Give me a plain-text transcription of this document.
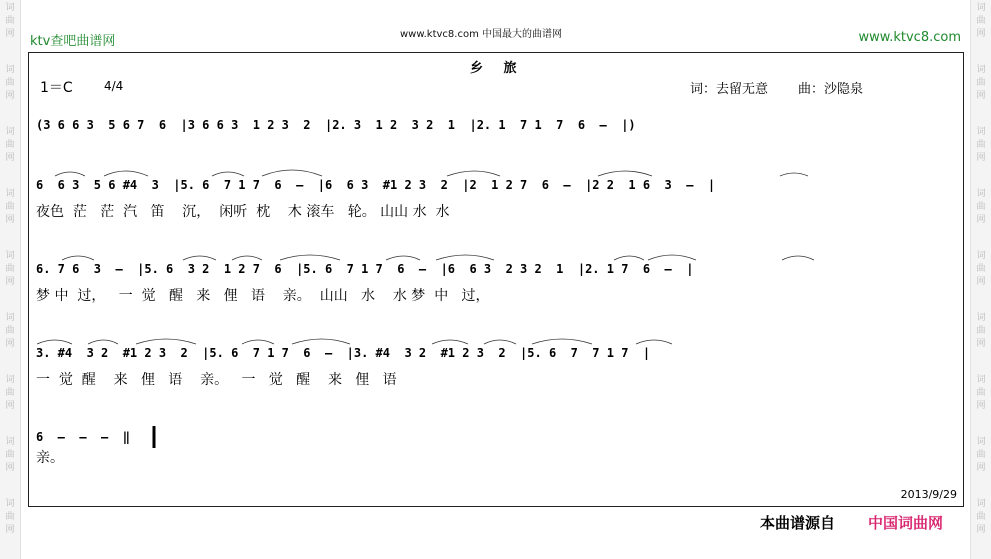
词
曲
网
词
曲
网
词
曲
网
词
曲
网
词
曲
网
词
曲
网
词
曲
网
词
曲
网
词
曲
网
词
曲
网
词
曲
网
词
曲
网
词
曲
网
词
曲
网
词
曲
网
词
曲
网
词
曲
网
词
曲
网
ktv查吧曲谱网	www.ktvc8.com 中国最大的曲谱网	www.ktvc8.com
乡 旅
1＝C	4/4	词：去留无意 曲：沙隐泉
(3 6 6 3  5 6 7  6  |3 6 6 3  1 2 3  2  |2. 3  1 2  3 2  1  |2. 1  7 1  7  6  —  |)
6  6 3  5 6 #4  3  |5. 6  7 1 7  6  —  |6  6 3  #1 2 3  2  |2  1 2 7  6  —  |2 2  1 6  3  —  |
夜色  茫   茫  汽   笛    沉，  闲听  枕    木 滚车   轮。 山山 水  水
6. 7 6  3  —  |5. 6  3 2  1 2 7  6  |5. 6  7 1 7  6  —  |6  6 3  2 3 2  1  |2. 1 7  6  —  |
梦 中  过，   一  觉   醒   来   俚   语    亲。  山山   水    水 梦  中   过，
3. #4  3 2  #1 2 3  2  |5. 6  7 1 7  6  —  |3. #4  3 2  #1 2 3  2  |5. 6  7  7 1 7  |
一  觉  醒    来   俚   语    亲。   一   觉   醒    来   俚   语
6  —  —  —  ‖
亲。
2013/9/29
本曲谱源自 中国词曲网
